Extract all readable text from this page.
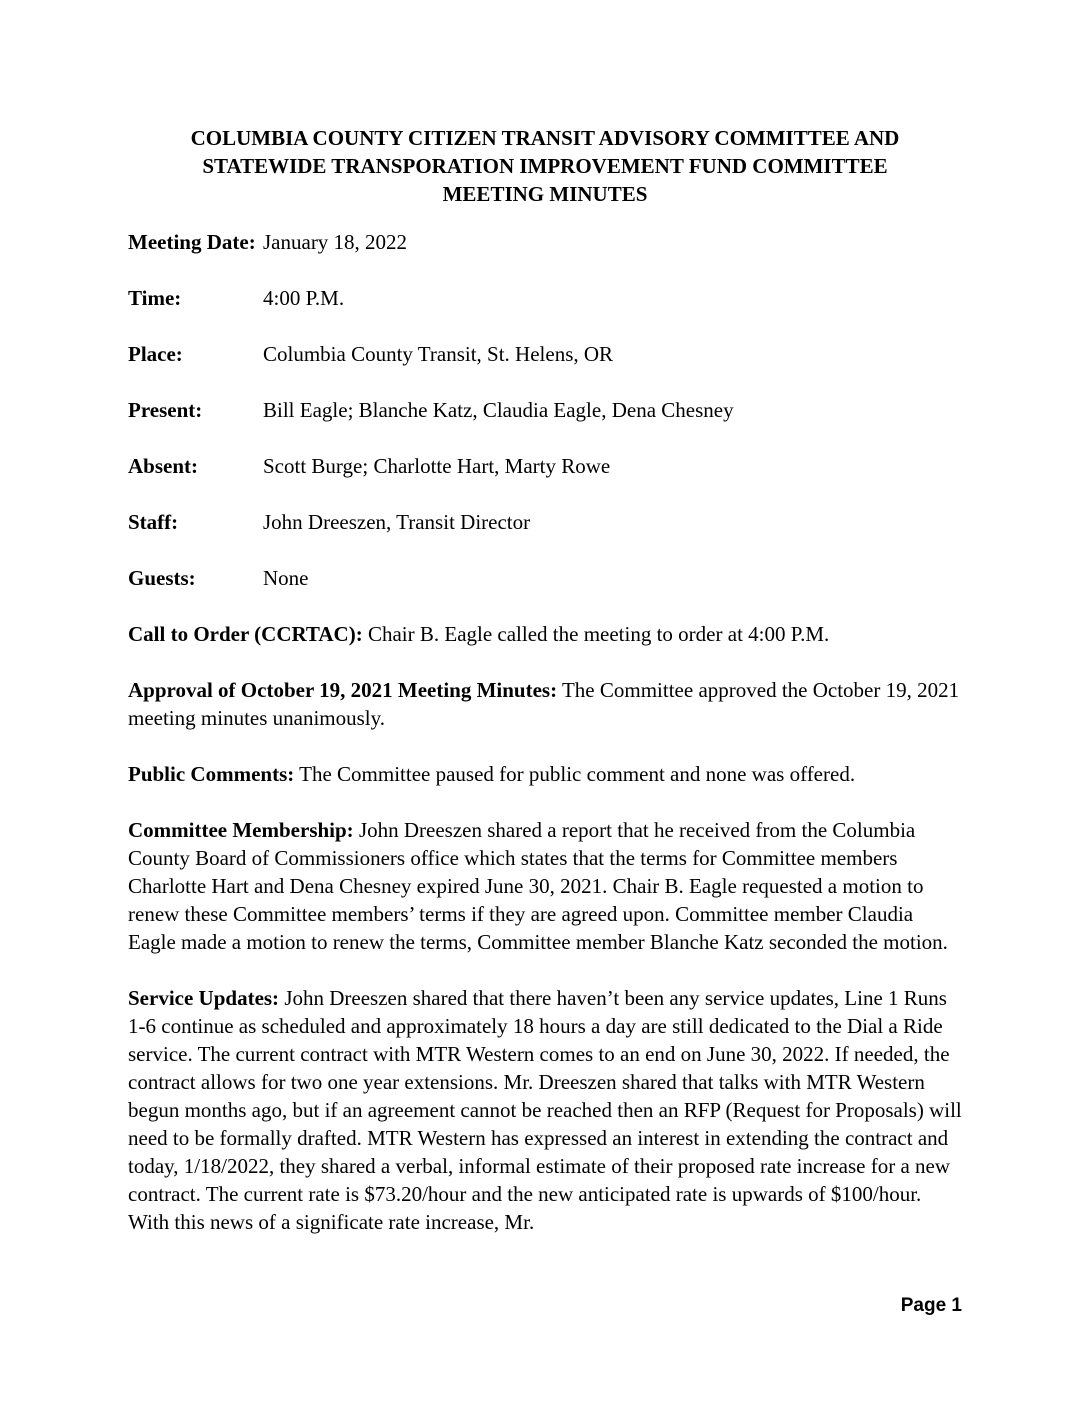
COLUMBIA COUNTY CITIZEN TRANSIT ADVISORY COMMITTEE AND
STATEWIDE TRANSPORATION IMPROVEMENT FUND COMMITTEE
MEETING MINUTES
Meeting Date: January 18, 2022
Time:	4:00 P.M.
Place:	Columbia County Transit, St. Helens, OR
Present:	Bill Eagle; Blanche Katz, Claudia Eagle, Dena Chesney
Absent:	Scott Burge; Charlotte Hart, Marty Rowe
Staff:	John Dreeszen, Transit Director
Guests:	None

Call to Order (CCRTAC): Chair B. Eagle called the meeting to order at 4:00 P.M.

Approval of October 19, 2021 Meeting Minutes: The Committee approved the October 19, 2021 meeting minutes unanimously.

Public Comments: The Committee paused for public comment and none was offered.

Committee Membership: John Dreeszen shared a report that he received from the Columbia County Board of Commissioners office which states that the terms for Committee members Charlotte Hart and Dena Chesney expired June 30, 2021. Chair B. Eagle requested a motion to renew these Committee members’ terms if they are agreed upon. Committee member Claudia Eagle made a motion to renew the terms, Committee member Blanche Katz seconded the motion.

Service Updates: John Dreeszen shared that there haven’t been any service updates, Line 1 Runs 1-6 continue as scheduled and approximately 18 hours a day are still dedicated to the Dial a Ride service. The current contract with MTR Western comes to an end on June 30, 2022. If needed, the contract allows for two one year extensions. Mr. Dreeszen shared that talks with MTR Western begun months ago, but if an agreement cannot be reached then an RFP (Request for Proposals) will need to be formally drafted. MTR Western has expressed an interest in extending the contract and today, 1/18/2022, they shared a verbal, informal estimate of their proposed rate increase for a new contract. The current rate is $73.20/hour and the new anticipated rate is upwards of $100/hour. With this news of a significate rate increase, Mr.

Page 1
